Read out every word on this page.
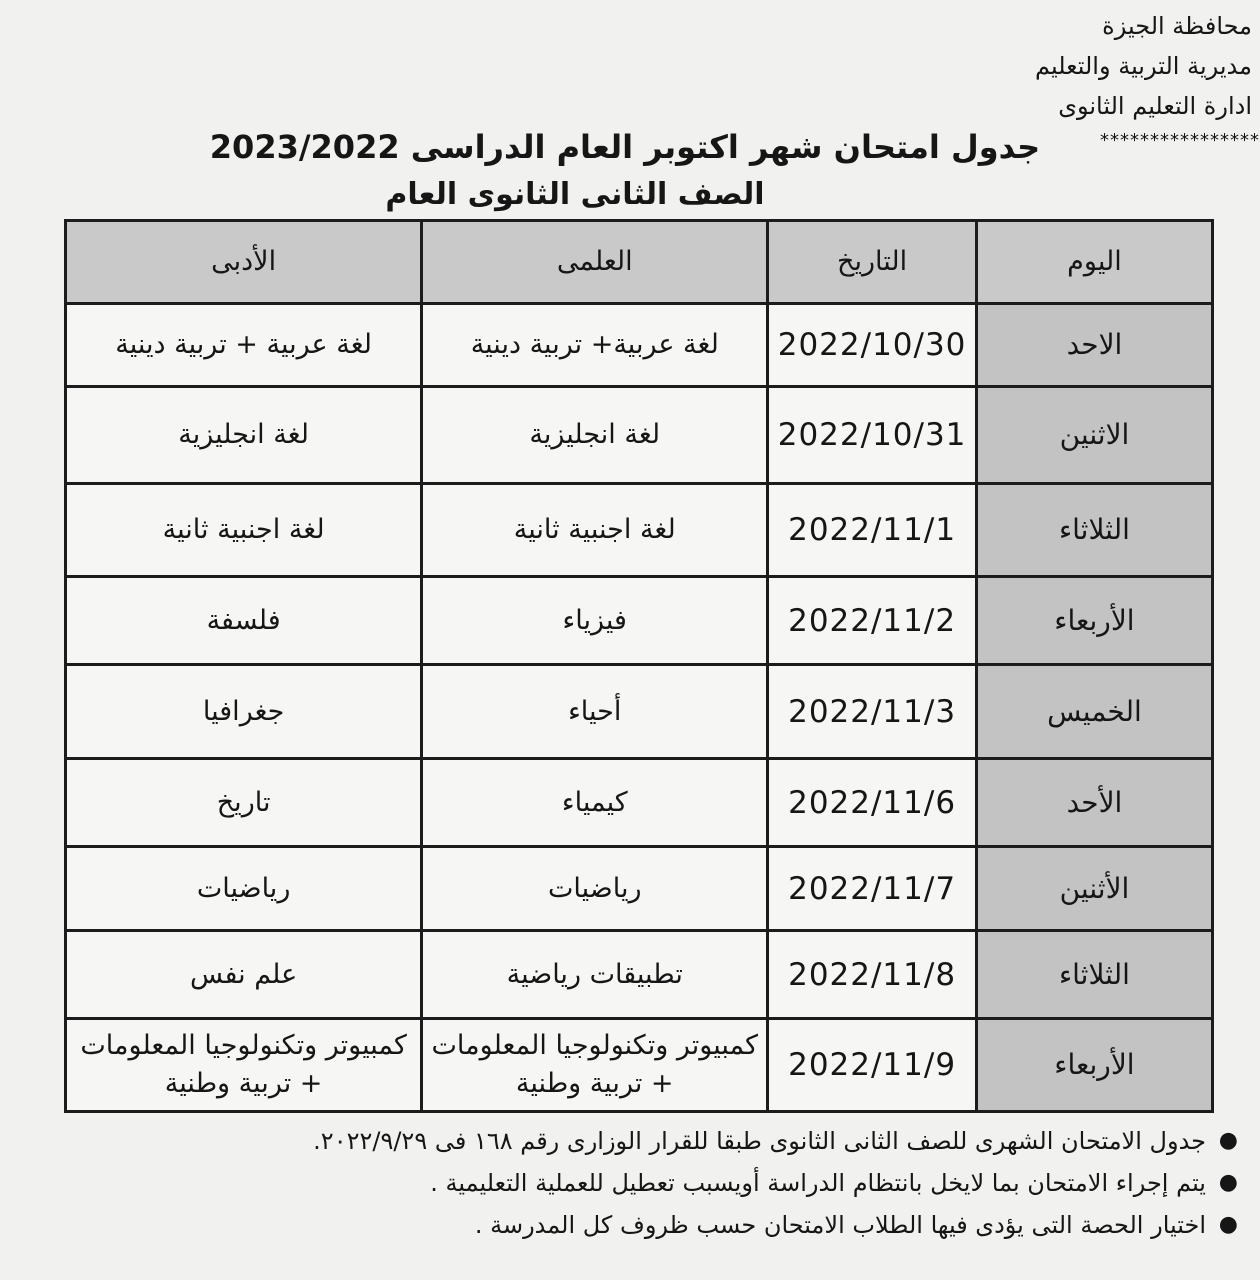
محافظة الجيزة
مديرية التربية والتعليم
ادارة التعليم الثانوى
****************
جدول امتحان شهر اكتوبر العام الدراسى 2023/2022
الصف الثانى الثانوى العام
اليوم	التاريخ	العلمى	الأدبى
الاحد	2022/10/30	لغة عربية+ تربية دينية	لغة عربية + تربية دينية
الاثنين	2022/10/31	لغة انجليزية	لغة انجليزية
الثلاثاء	2022/11/1	لغة اجنبية ثانية	لغة اجنبية ثانية
الأربعاء	2022/11/2	فيزياء	فلسفة
الخميس	2022/11/3	أحياء	جغرافيا
الأحد	2022/11/6	كيمياء	تاريخ
الأثنين	2022/11/7	رياضيات	رياضيات
الثلاثاء	2022/11/8	تطبيقات رياضية	علم نفس
الأربعاء	2022/11/9	كمبيوتر وتكنولوجيا المعلومات + تربية وطنية	كمبيوتر وتكنولوجيا المعلومات + تربية وطنية
●
جدول الامتحان الشهرى للصف الثانى الثانوى طبقا للقرار الوزارى رقم ١٦٨ فى ٢٠٢٢/٩/٢٩.
●
يتم إجراء الامتحان بما لايخل بانتظام الدراسة أويسبب تعطيل للعملية التعليمية .
●
اختيار الحصة التى يؤدى فيها الطلاب الامتحان حسب ظروف كل المدرسة .
